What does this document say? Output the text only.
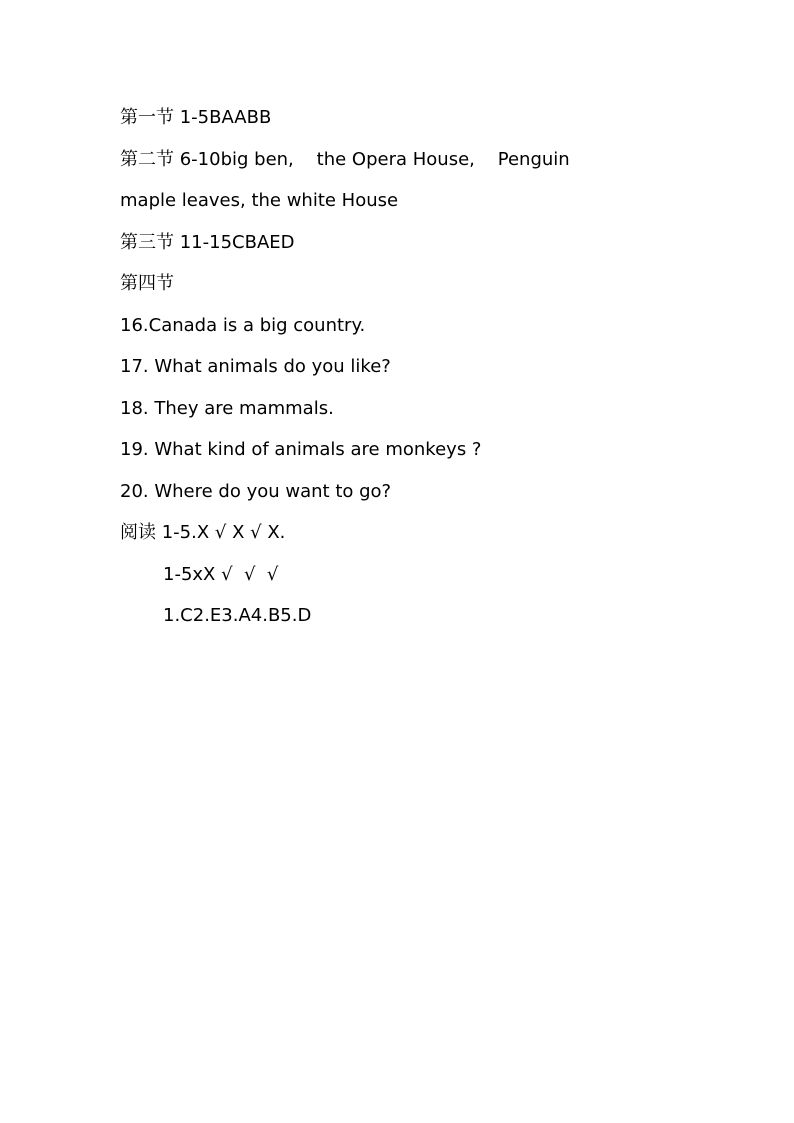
第一节 1-5BAABB
第二节 6-10big ben,    the Opera House,    Penguin
maple leaves, the white House
第三节 11-15CBAED
第四节
16.Canada is a big country.
17. What animals do you like?
18. They are mammals.
19. What kind of animals are monkeys ?
20. Where do you want to go?
阅读 1-5.X √ X √ X.
1-5xX √  √  √
1.C2.E3.A4.B5.D
